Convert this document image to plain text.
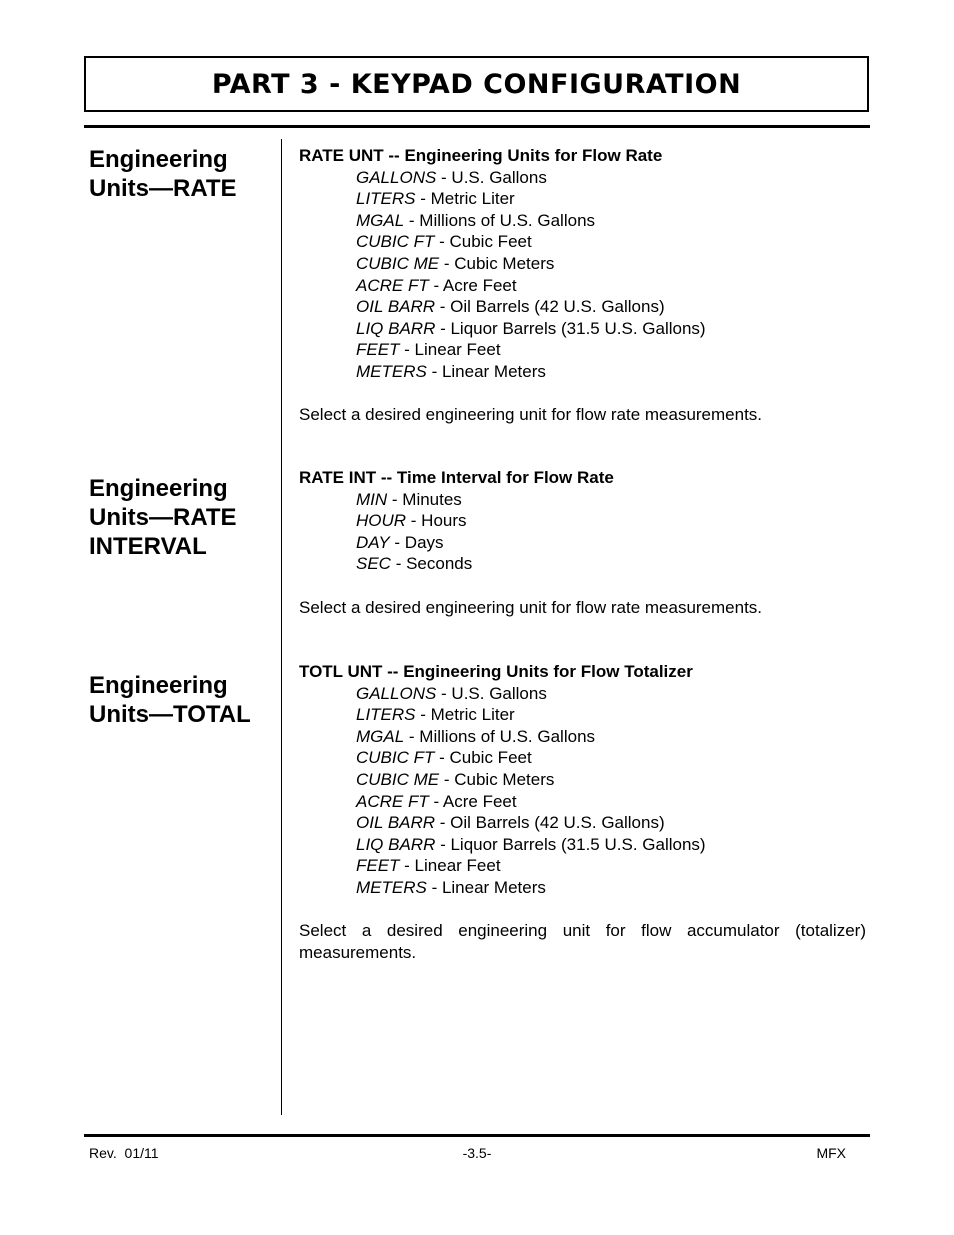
PART 3 - KEYPAD CONFIGURATION
Engineering
Units—RATE
RATE UNT -- Engineering Units for Flow Rate
GALLONS - U.S. Gallons
LITERS - Metric Liter
MGAL - Millions of U.S. Gallons
CUBIC FT - Cubic Feet
CUBIC ME - Cubic Meters
ACRE FT - Acre Feet
OIL BARR - Oil Barrels (42 U.S. Gallons)
LIQ BARR - Liquor Barrels (31.5 U.S. Gallons)
FEET - Linear Feet
METERS - Linear Meters
Select a desired engineering unit for flow rate measurements.
Engineering
Units—RATE
INTERVAL
RATE INT -- Time Interval for Flow Rate
MIN - Minutes
HOUR - Hours
DAY - Days
SEC - Seconds
Select a desired engineering unit for flow rate measurements.
Engineering
Units—TOTAL
TOTL UNT -- Engineering Units for Flow Totalizer
GALLONS - U.S. Gallons
LITERS - Metric Liter
MGAL - Millions of U.S. Gallons
CUBIC FT - Cubic Feet
CUBIC ME - Cubic Meters
ACRE FT - Acre Feet
OIL BARR - Oil Barrels (42 U.S. Gallons)
LIQ BARR - Liquor Barrels (31.5 U.S. Gallons)
FEET - Linear Feet
METERS - Linear Meters
Select a desired engineering unit for flow accumulator (totalizer) measurements.
Rev.  01/11	-3.5-	MFX
